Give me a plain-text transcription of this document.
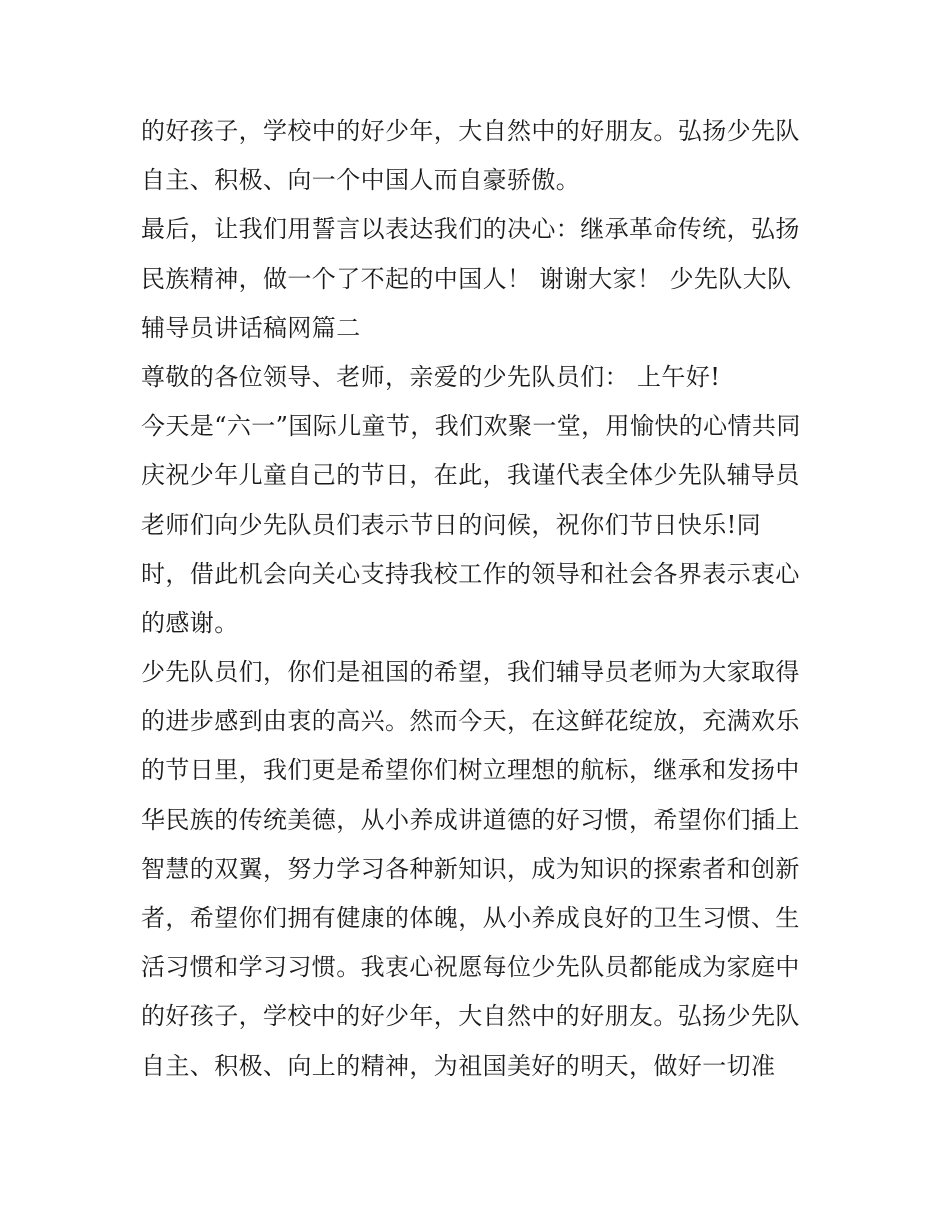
的好孩子，学校中的好少年，大自然中的好朋友。弘扬少先队
自主、积极、向一个中国人而自豪骄傲。
最后，让我们用誓言以表达我们的决心：继承革命传统，弘扬
民族精神，做一个了不起的中国人！ 谢谢大家！ 少先队大队
辅导员讲话稿网篇二
尊敬的各位领导、老师，亲爱的少先队员们： 上午好!
今天是“六一”国际儿童节，我们欢聚一堂，用愉快的心情共同
庆祝少年儿童自己的节日，在此，我谨代表全体少先队辅导员
老师们向少先队员们表示节日的问候，祝你们节日快乐!同
时，借此机会向关心支持我校工作的领导和社会各界表示衷心
的感谢。
少先队员们，你们是祖国的希望，我们辅导员老师为大家取得
的进步感到由衷的高兴。然而今天，在这鲜花绽放，充满欢乐
的节日里，我们更是希望你们树立理想的航标，继承和发扬中
华民族的传统美德，从小养成讲道德的好习惯，希望你们插上
智慧的双翼，努力学习各种新知识，成为知识的探索者和创新
者，希望你们拥有健康的体魄，从小养成良好的卫生习惯、生
活习惯和学习习惯。我衷心祝愿每位少先队员都能成为家庭中
的好孩子，学校中的好少年，大自然中的好朋友。弘扬少先队
自主、积极、向上的精神，为祖国美好的明天，做好一切准
